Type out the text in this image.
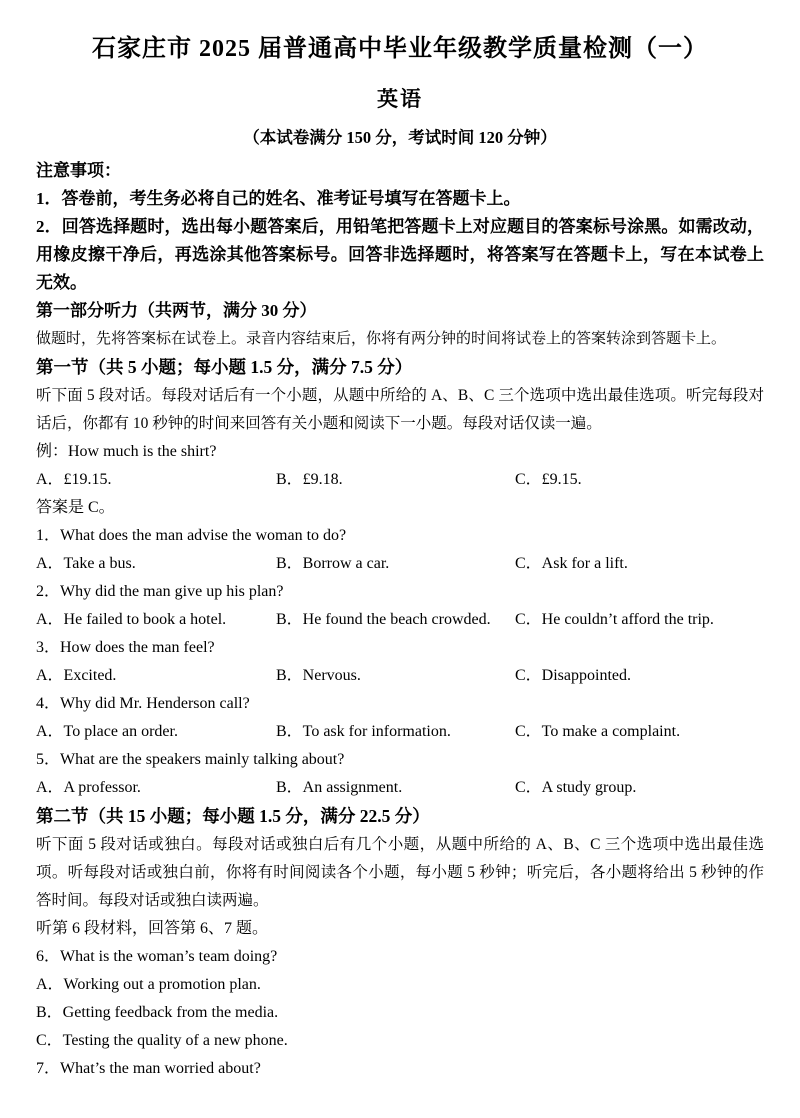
石家庄市 2025 届普通高中毕业年级教学质量检测（一）
英语
（本试卷满分 150 分，考试时间 120 分钟）
注意事项：

1．答卷前，考生务必将自己的姓名、准考证号填写在答题卡上。

2．回答选择题时，选出每小题答案后，用铅笔把答题卡上对应题目的答案标号涂黑。如需改动，用橡皮擦干净后，再选涂其他答案标号。回答非选择题时，将答案写在答题卡上，写在本试卷上无效。

第一部分听力（共两节，满分 30 分）

做题时，先将答案标在试卷上。录音内容结束后，你将有两分钟的时间将试卷上的答案转涂到答题卡上。

第一节（共 5 小题；每小题 1.5 分，满分 7.5 分）

听下面 5 段对话。每段对话后有一个小题，从题中所给的 A、B、C 三个选项中选出最佳选项。听完每段对话后，你都有 10 秒钟的时间来回答有关小题和阅读下一小题。每段对话仅读一遍。

例：How much is the shirt?
A．£19.15.	B．£9.18.	C．£9.15.
答案是 C。
1．What does the man advise the woman to do?
A．Take a bus.	B．Borrow a car.	C．Ask for a lift.
2．Why did the man give up his plan?
A．He failed to book a hotel.	B．He found the beach crowded.	C．He couldn’t afford the trip.
3．How does the man feel?
A．Excited.	B．Nervous.	C．Disappointed.
4．Why did Mr. Henderson call?
A．To place an order.	B．To ask for information.	C．To make a complaint.
5．What are the speakers mainly talking about?
A．A professor.	B．An assignment.	C．A study group.
第二节（共 15 小题；每小题 1.5 分，满分 22.5 分）

听下面 5 段对话或独白。每段对话或独白后有几个小题，从题中所给的 A、B、C 三个选项中选出最佳选项。听每段对话或独白前，你将有时间阅读各个小题，每小题 5 秒钟；听完后，各小题将给出 5 秒钟的作答时间。每段对话或独白读两遍。

听第 6 段材料，回答第 6、7 题。
6．What is the woman’s team doing?
A．Working out a promotion plan.
B．Getting feedback from the media.
C．Testing the quality of a new phone.
7．What’s the man worried about?
